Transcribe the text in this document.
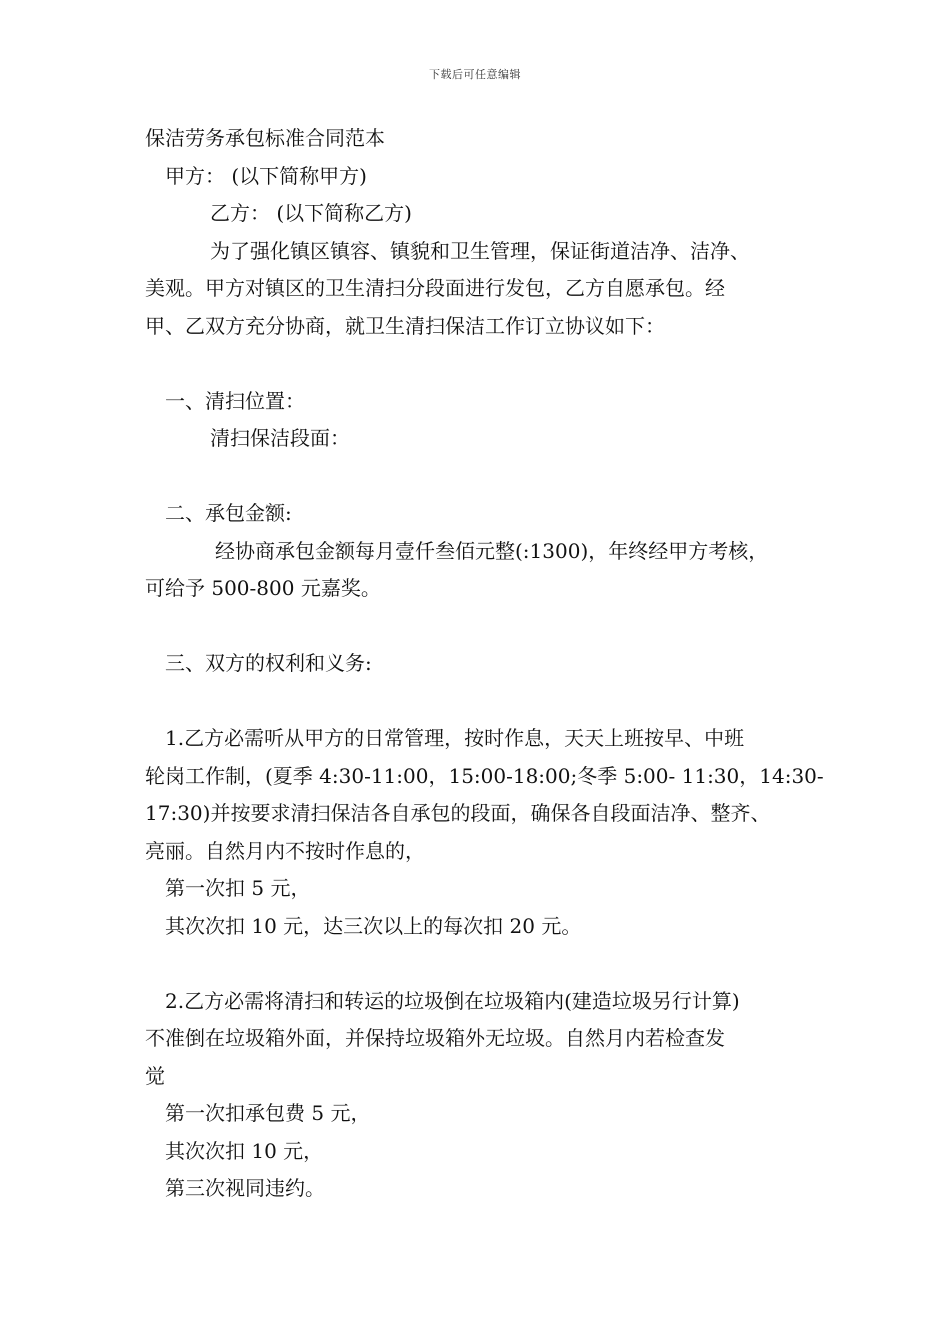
下载后可任意编辑
保洁劳务承包标准合同范本
甲方： (以下简称甲方)
乙方： (以下简称乙方)
为了强化镇区镇容、镇貌和卫生管理，保证街道洁净、洁净、
美观。甲方对镇区的卫生清扫分段面进行发包，乙方自愿承包。经
甲、乙双方充分协商，就卫生清扫保洁工作订立协议如下：
一、清扫位置：
清扫保洁段面：
二、承包金额:
经协商承包金额每月壹仟叁佰元整(:1300)，年终经甲方考核，
可给予 500-800 元嘉奖。
三、双方的权利和义务:
1.乙方必需听从甲方的日常管理，按时作息，天天上班按早、中班
轮岗工作制，(夏季 4:30-11:00，15:00-18:00;冬季 5:00- 11:30，14:30-
17:30)并按要求清扫保洁各自承包的段面，确保各自段面洁净、整齐、
亮丽。自然月内不按时作息的，
第一次扣 5 元，
其次次扣 10 元，达三次以上的每次扣 20 元。
2.乙方必需将清扫和转运的垃圾倒在垃圾箱内(建造垃圾另行计算)
不准倒在垃圾箱外面，并保持垃圾箱外无垃圾。自然月内若检查发
觉
第一次扣承包费 5 元，
其次次扣 10 元，
第三次视同违约。
